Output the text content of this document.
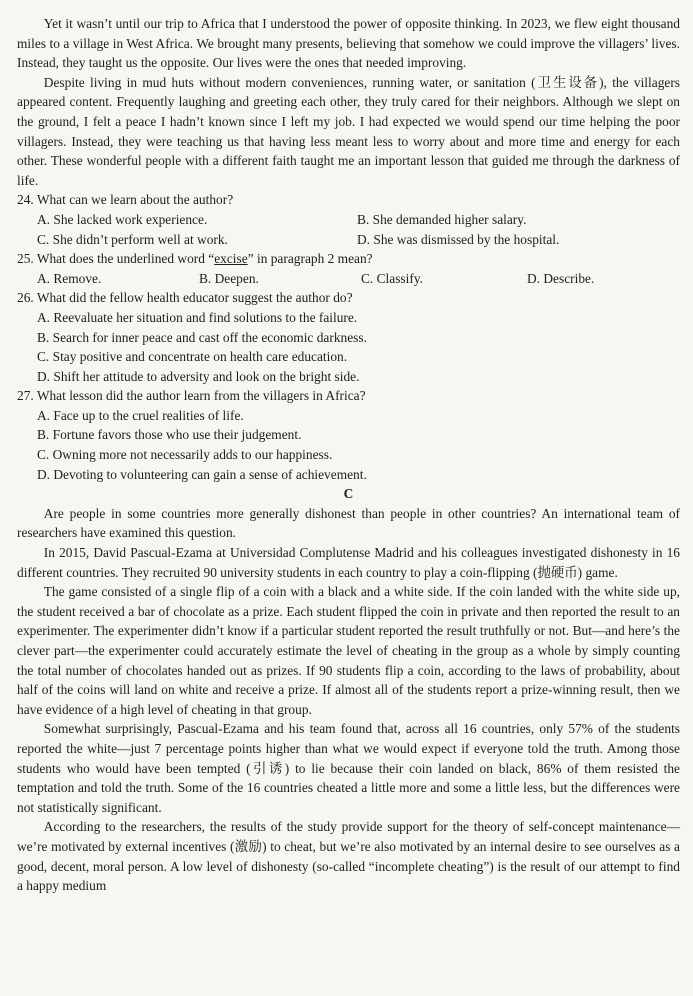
Yet it wasn’t until our trip to Africa that I understood the power of opposite thinking. In 2023, we flew eight thousand miles to a village in West Africa. We brought many presents, believing that somehow we could improve the villagers’ lives. Instead, they taught us the opposite. Our lives were the ones that needed improving.

Despite living in mud huts without modern conveniences, running water, or sanitation (卫生设备), the villagers appeared content. Frequently laughing and greeting each other, they truly cared for their neighbors. Although we slept on the ground, I felt a peace I hadn’t known since I left my job. I had expected we would spend our time helping the poor villagers. Instead, they were teaching us that having less meant less to worry about and more time and energy for each other. These wonderful people with a different faith taught me an important lesson that guided me through the darkness of life.

24. What can we learn about the author?
A. She lacked work experience.	B. She demanded higher salary.
C. She didn’t perform well at work.	D. She was dismissed by the hospital.
25. What does the underlined word “excise” in paragraph 2 mean?
A. Remove.	B. Deepen.	C. Classify.	D. Describe.
26. What did the fellow health educator suggest the author do?
A. Reevaluate her situation and find solutions to the failure.
B. Search for inner peace and cast off the economic darkness.
C. Stay positive and concentrate on health care education.
D. Shift her attitude to adversity and look on the bright side.
27. What lesson did the author learn from the villagers in Africa?
A. Face up to the cruel realities of life.
B. Fortune favors those who use their judgement.
C. Owning more not necessarily adds to our happiness.
D. Devoting to volunteering can gain a sense of achievement.
C

Are people in some countries more generally dishonest than people in other countries? An international team of researchers have examined this question.

In 2015, David Pascual-Ezama at Universidad Complutense Madrid and his colleagues investigated dishonesty in 16 different countries. They recruited 90 university students in each country to play a coin-flipping (抛硬币) game.

The game consisted of a single flip of a coin with a black and a white side. If the coin landed with the white side up, the student received a bar of chocolate as a prize. Each student flipped the coin in private and then reported the result to an experimenter. The experimenter didn’t know if a particular student reported the result truthfully or not. But—and here’s the clever part—the experimenter could accurately estimate the level of cheating in the group as a whole by simply counting the total number of chocolates handed out as prizes. If 90 students flip a coin, according to the laws of probability, about half of the coins will land on white and receive a prize. If almost all of the students report a prize-winning result, then we have evidence of a high level of cheating in that group.

Somewhat surprisingly, Pascual-Ezama and his team found that, across all 16 countries, only 57% of the students reported the white—just 7 percentage points higher than what we would expect if everyone told the truth. Among those students who would have been tempted (引诱) to lie because their coin landed on black, 86% of them resisted the temptation and told the truth. Some of the 16 countries cheated a little more and some a little less, but the differences were not statistically significant.

According to the researchers, the results of the study provide support for the theory of self-concept maintenance—we’re motivated by external incentives (激励) to cheat, but we’re also motivated by an internal desire to see ourselves as a good, decent, moral person. A low level of dishonesty (so-called “incomplete cheating”) is the result of our attempt to find a happy medium
